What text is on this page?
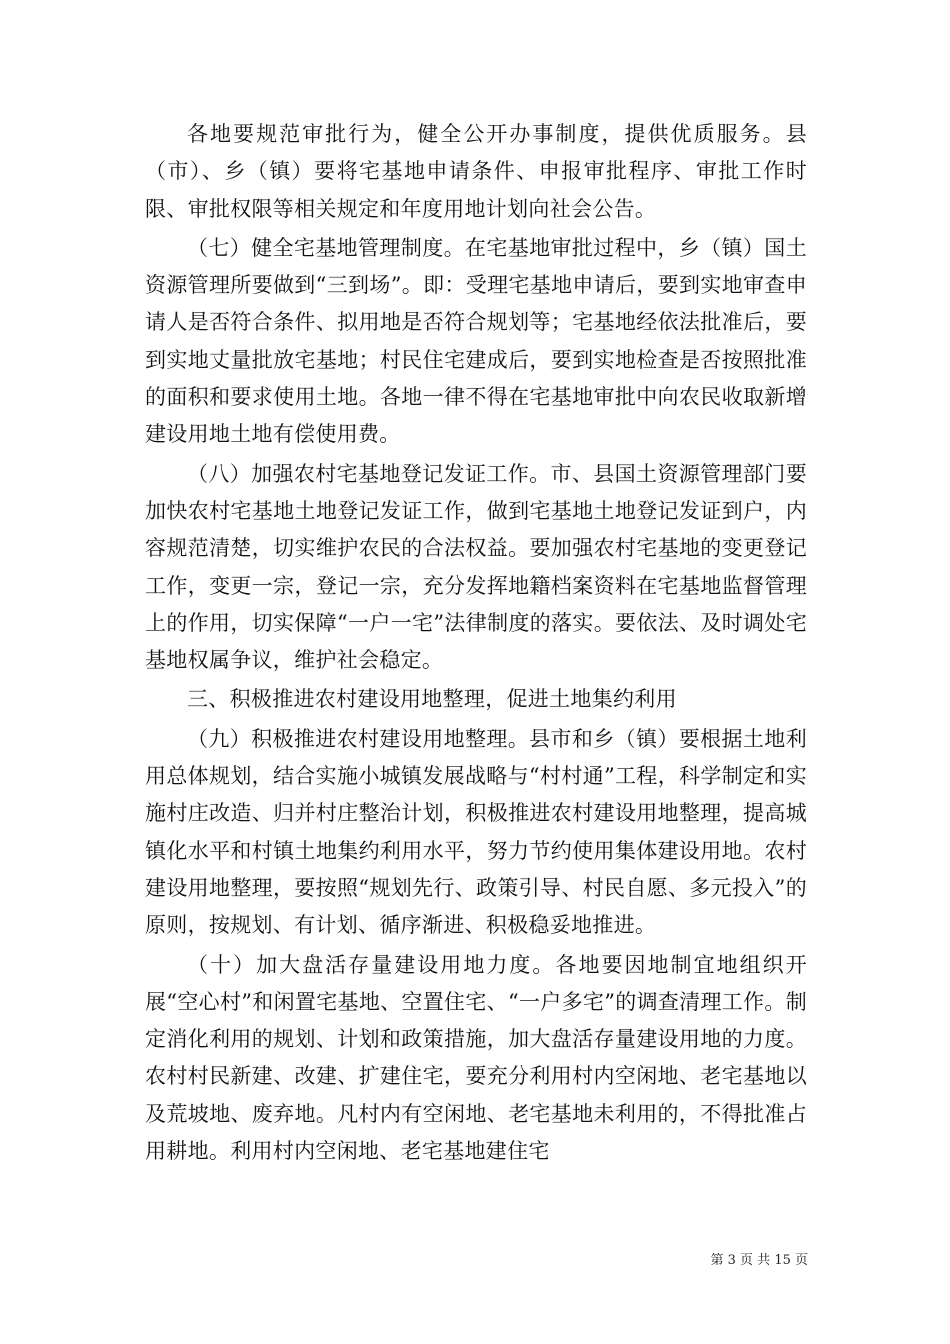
各地要规范审批行为，健全公开办事制度，提供优质服务。县（市）、乡（镇）要将宅基地申请条件、申报审批程序、审批工作时限、审批权限等相关规定和年度用地计划向社会公告。

（七）健全宅基地管理制度。在宅基地审批过程中，乡（镇）国土资源管理所要做到“三到场”。即：受理宅基地申请后，要到实地审查申请人是否符合条件、拟用地是否符合规划等；宅基地经依法批准后，要到实地丈量批放宅基地；村民住宅建成后，要到实地检查是否按照批准的面积和要求使用土地。各地一律不得在宅基地审批中向农民收取新增建设用地土地有偿使用费。

（八）加强农村宅基地登记发证工作。市、县国土资源管理部门要加快农村宅基地土地登记发证工作，做到宅基地土地登记发证到户，内容规范清楚，切实维护农民的合法权益。要加强农村宅基地的变更登记工作，变更一宗，登记一宗，充分发挥地籍档案资料在宅基地监督管理上的作用，切实保障“一户一宅”法律制度的落实。要依法、及时调处宅基地权属争议，维护社会稳定。

三、积极推进农村建设用地整理，促进土地集约利用

（九）积极推进农村建设用地整理。县市和乡（镇）要根据土地利用总体规划，结合实施小城镇发展战略与“村村通”工程，科学制定和实施村庄改造、归并村庄整治计划，积极推进农村建设用地整理，提高城镇化水平和村镇土地集约利用水平，努力节约使用集体建设用地。农村建设用地整理，要按照“规划先行、政策引导、村民自愿、多元投入”的原则，按规划、有计划、循序渐进、积极稳妥地推进。

（十）加大盘活存量建设用地力度。各地要因地制宜地组织开展“空心村”和闲置宅基地、空置住宅、“一户多宅”的调查清理工作。制定消化利用的规划、计划和政策措施，加大盘活存量建设用地的力度。农村村民新建、改建、扩建住宅，要充分利用村内空闲地、老宅基地以及荒坡地、废弃地。凡村内有空闲地、老宅基地未利用的，不得批准占用耕地。利用村内空闲地、老宅基地建住宅

第 3 页 共 15 页
